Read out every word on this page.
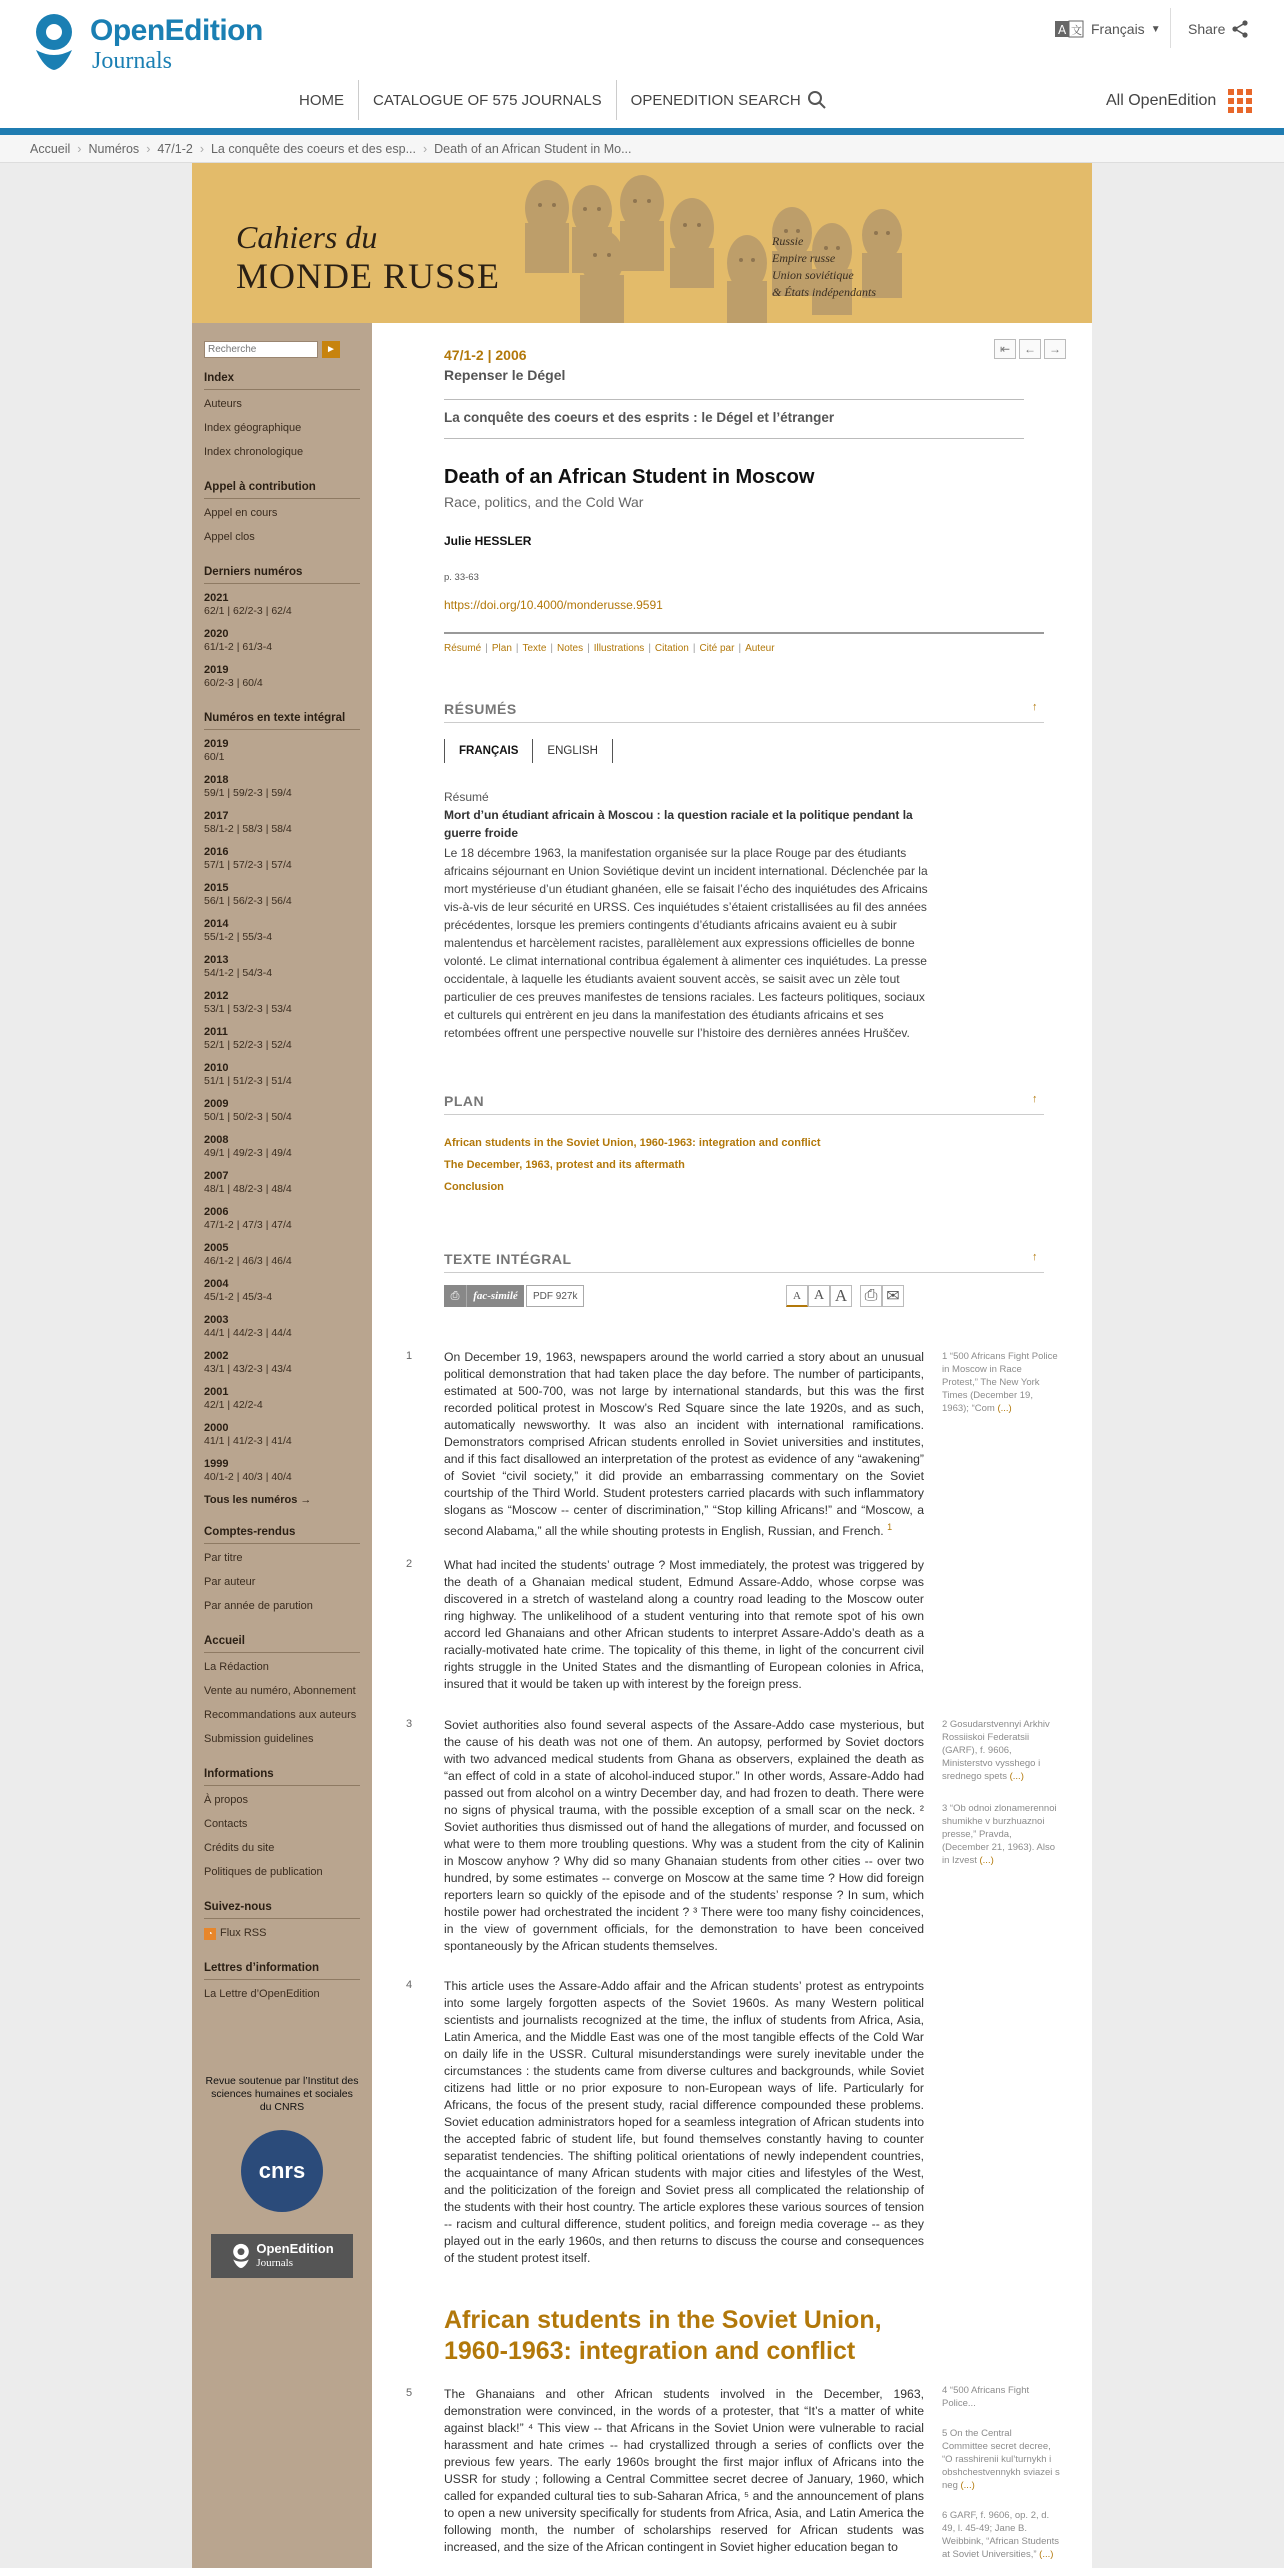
OpenEdition
Journals
A 文 Français ▼ Share
HOME	CATALOGUE OF 575 JOURNALS	OPENEDITION SEARCH	All OpenEdition
Accueil › Numéros › 47/1-2 › La conquête des coeurs et des esp... › Death of an African Student in Mo...
Cahiers du
MONDE RUSSE
Russie
Empire russe
Union soviétique
& États indépendants
Recherche
►
Index
Auteurs
Index géographique
Index chronologique
Appel à contribution
Appel en cours
Appel clos
Derniers numéros
2021
62/1 | 62/2-3 | 62/4
2020
61/1-2 | 61/3-4
2019
60/2-3 | 60/4
Numéros en texte intégral
2019
60/1
2018
59/1 | 59/2-3 | 59/4
2017
58/1-2 | 58/3 | 58/4
2016
57/1 | 57/2-3 | 57/4
2015
56/1 | 56/2-3 | 56/4
2014
55/1-2 | 55/3-4
2013
54/1-2 | 54/3-4
2012
53/1 | 53/2-3 | 53/4
2011
52/1 | 52/2-3 | 52/4
2010
51/1 | 51/2-3 | 51/4
2009
50/1 | 50/2-3 | 50/4
2008
49/1 | 49/2-3 | 49/4
2007
48/1 | 48/2-3 | 48/4
2006
47/1-2 | 47/3 | 47/4
2005
46/1-2 | 46/3 | 46/4
2004
45/1-2 | 45/3-4
2003
44/1 | 44/2-3 | 44/4
2002
43/1 | 43/2-3 | 43/4
2001
42/1 | 42/2-4
2000
41/1 | 41/2-3 | 41/4
1999
40/1-2 | 40/3 | 40/4
Tous les numéros →
Comptes-rendus
Par titre
Par auteur
Par année de parution
Accueil
La Rédaction
Vente au numéro, Abonnement
Recommandations aux auteurs
Submission guidelines
Informations
À propos
Contacts
Crédits du site
Politiques de publication
Suivez-nous
◔ Flux RSS
Lettres d’information
La Lettre d’OpenEdition
Revue soutenue par l’Institut des sciences humaines et sociales du CNRS
cnrs
OpenEdition
Journals
⇤	←	→
47/1-2 | 2006
Repenser le Dégel
La conquête des coeurs et des esprits : le Dégel et l’étranger
Death of an African Student in Moscow
Race, politics, and the Cold War
Julie HESSLER
p. 33-63
https://doi.org/10.4000/monderusse.9591
Résumé | Plan | Texte | Notes | Illustrations | Citation | Cité par | Auteur
RÉSUMÉS	↑
FRANÇAIS	ENGLISH
Résumé
Mort d’un étudiant africain à Moscou : la question raciale et la politique pendant la guerre froide
Le 18 décembre 1963, la manifestation organisée sur la place Rouge par des étudiants africains séjournant en Union Soviétique devint un incident international. Déclenchée par la mort mystérieuse d’un étudiant ghanéen, elle se faisait l’écho des inquiétudes des Africains vis-à-vis de leur sécurité en URSS. Ces inquiétudes s’étaient cristallisées au fil des années précédentes, lorsque les premiers contingents d’étudiants africains avaient eu à subir malentendus et harcèlement racistes, parallèlement aux expressions officielles de bonne volonté. Le climat international contribua également à alimenter ces inquiétudes. La presse occidentale, à laquelle les étudiants avaient souvent accès, se saisit avec un zèle tout particulier de ces preuves manifestes de tensions raciales. Les facteurs politiques, sociaux et culturels qui entrèrent en jeu dans la manifestation des étudiants africains et ses retombées offrent une perspective nouvelle sur l’histoire des dernières années Hruščev.
PLAN	↑
African students in the Soviet Union, 1960-1963: integration and conflict
The December, 1963, protest and its aftermath
Conclusion
TEXTE INTÉGRAL	↑
⎙	fac-similé	PDF 927k	A A A	⎙ ✉
1	On December 19, 1963, newspapers around the world carried a story about an unusual political demonstration that had taken place the day before. The number of participants, estimated at 500-700, was not large by international standards, but this was the first recorded political protest in Moscow’s Red Square since the late 1920s, and as such, automatically newsworthy. It was also an incident with international ramifications. Demonstrators comprised African students enrolled in Soviet universities and institutes, and if this fact disallowed an interpretation of the protest as evidence of any “awakening” of Soviet “civil society,” it did provide an embarrassing commentary on the Soviet courtship of the Third World. Student protesters carried placards with such inflammatory slogans as “Moscow -- center of discrimination,” “Stop killing Africans!” and “Moscow, a second Alabama,” all the while shouting protests in English, Russian, and French. $^1$
1 “500 Africans Fight Police in Moscow in Race Protest,” The New York Times (December 19, 1963); “Com (...)
2	What had incited the students’ outrage ? Most immediately, the protest was triggered by the death of a Ghanaian medical student, Edmund Assare-Addo, whose corpse was discovered in a stretch of wasteland along a country road leading to the Moscow outer ring highway. The unlikelihood of a student venturing into that remote spot of his own accord led Ghanaians and other African students to interpret Assare-Addo’s death as a racially-motivated hate crime. The topicality of this theme, in light of the concurrent civil rights struggle in the United States and the dismantling of European colonies in Africa, insured that it would be taken up with interest by the foreign press.
3	Soviet authorities also found several aspects of the Assare-Addo case mysterious, but the cause of his death was not one of them. An autopsy, performed by Soviet doctors with two advanced medical students from Ghana as observers, explained the death as “an effect of cold in a state of alcohol-induced stupor.” In other words, Assare-Addo had passed out from alcohol on a wintry December day, and had frozen to death. There were no signs of physical trauma, with the possible exception of a small scar on the neck. ² Soviet authorities thus dismissed out of hand the allegations of murder, and focussed on what were to them more troubling questions. Why was a student from the city of Kalinin in Moscow anyhow ? Why did so many Ghanaian students from other cities -- over two hundred, by some estimates -- converge on Moscow at the same time ? How did foreign reporters learn so quickly of the episode and of the students’ response ? In sum, which hostile power had orchestrated the incident ? ³ There were too many fishy coincidences, in the view of government officials, for the demonstration to have been conceived spontaneously by the African students themselves.
2 Gosudarstvennyi Arkhiv Rossiiskoi Federatsii (GARF), f. 9606, Ministerstvo vysshego i srednego spets (...)
3 “Ob odnoi zlonamerennoi shumikhe v burzhuaznoi presse,” Pravda, (December 21, 1963). Also in Izvest (...)
4	This article uses the Assare-Addo affair and the African students’ protest as entrypoints into some largely forgotten aspects of the Soviet 1960s. As many Western political scientists and journalists recognized at the time, the influx of students from Africa, Asia, Latin America, and the Middle East was one of the most tangible effects of the Cold War on daily life in the USSR. Cultural misunderstandings were surely inevitable under the circumstances : the students came from diverse cultures and backgrounds, while Soviet citizens had little or no prior exposure to non-European ways of life. Particularly for Africans, the focus of the present study, racial difference compounded these problems. Soviet education administrators hoped for a seamless integration of African students into the accepted fabric of student life, but found themselves constantly having to counter separatist tendencies. The shifting political orientations of newly independent countries, the acquaintance of many African students with major cities and lifestyles of the West, and the politicization of the foreign and Soviet press all complicated the relationship of the students with their host country. The article explores these various sources of tension -- racism and cultural difference, student politics, and foreign media coverage -- as they played out in the early 1960s, and then returns to discuss the course and consequences of the student protest itself.
African students in the Soviet Union, 1960-1963: integration and conflict
5	The Ghanaians and other African students involved in the December, 1963, demonstration were convinced, in the words of a protester, that “It’s a matter of white against black!” ⁴ This view -- that Africans in the Soviet Union were vulnerable to racial harassment and hate crimes -- had crystallized through a series of conflicts over the previous few years. The early 1960s brought the first major influx of Africans into the USSR for study ; following a Central Committee secret decree of January, 1960, which called for expanded cultural ties to sub-Saharan Africa, ⁵ and the announcement of plans to open a new university specifically for students from Africa, Asia, and Latin America the following month, the number of scholarships reserved for African students was increased, and the size of the African contingent in Soviet higher education began to
4 “500 Africans Fight Police...
5 On the Central Committee secret decree, “O rasshirenii kul’turnykh i obshchestvennykh sviazei s neg (...)
6 GARF, f. 9606, op. 2, d. 49, l. 45-49; Jane B. Weibbink, “African Students at Soviet Universities,” (...)
